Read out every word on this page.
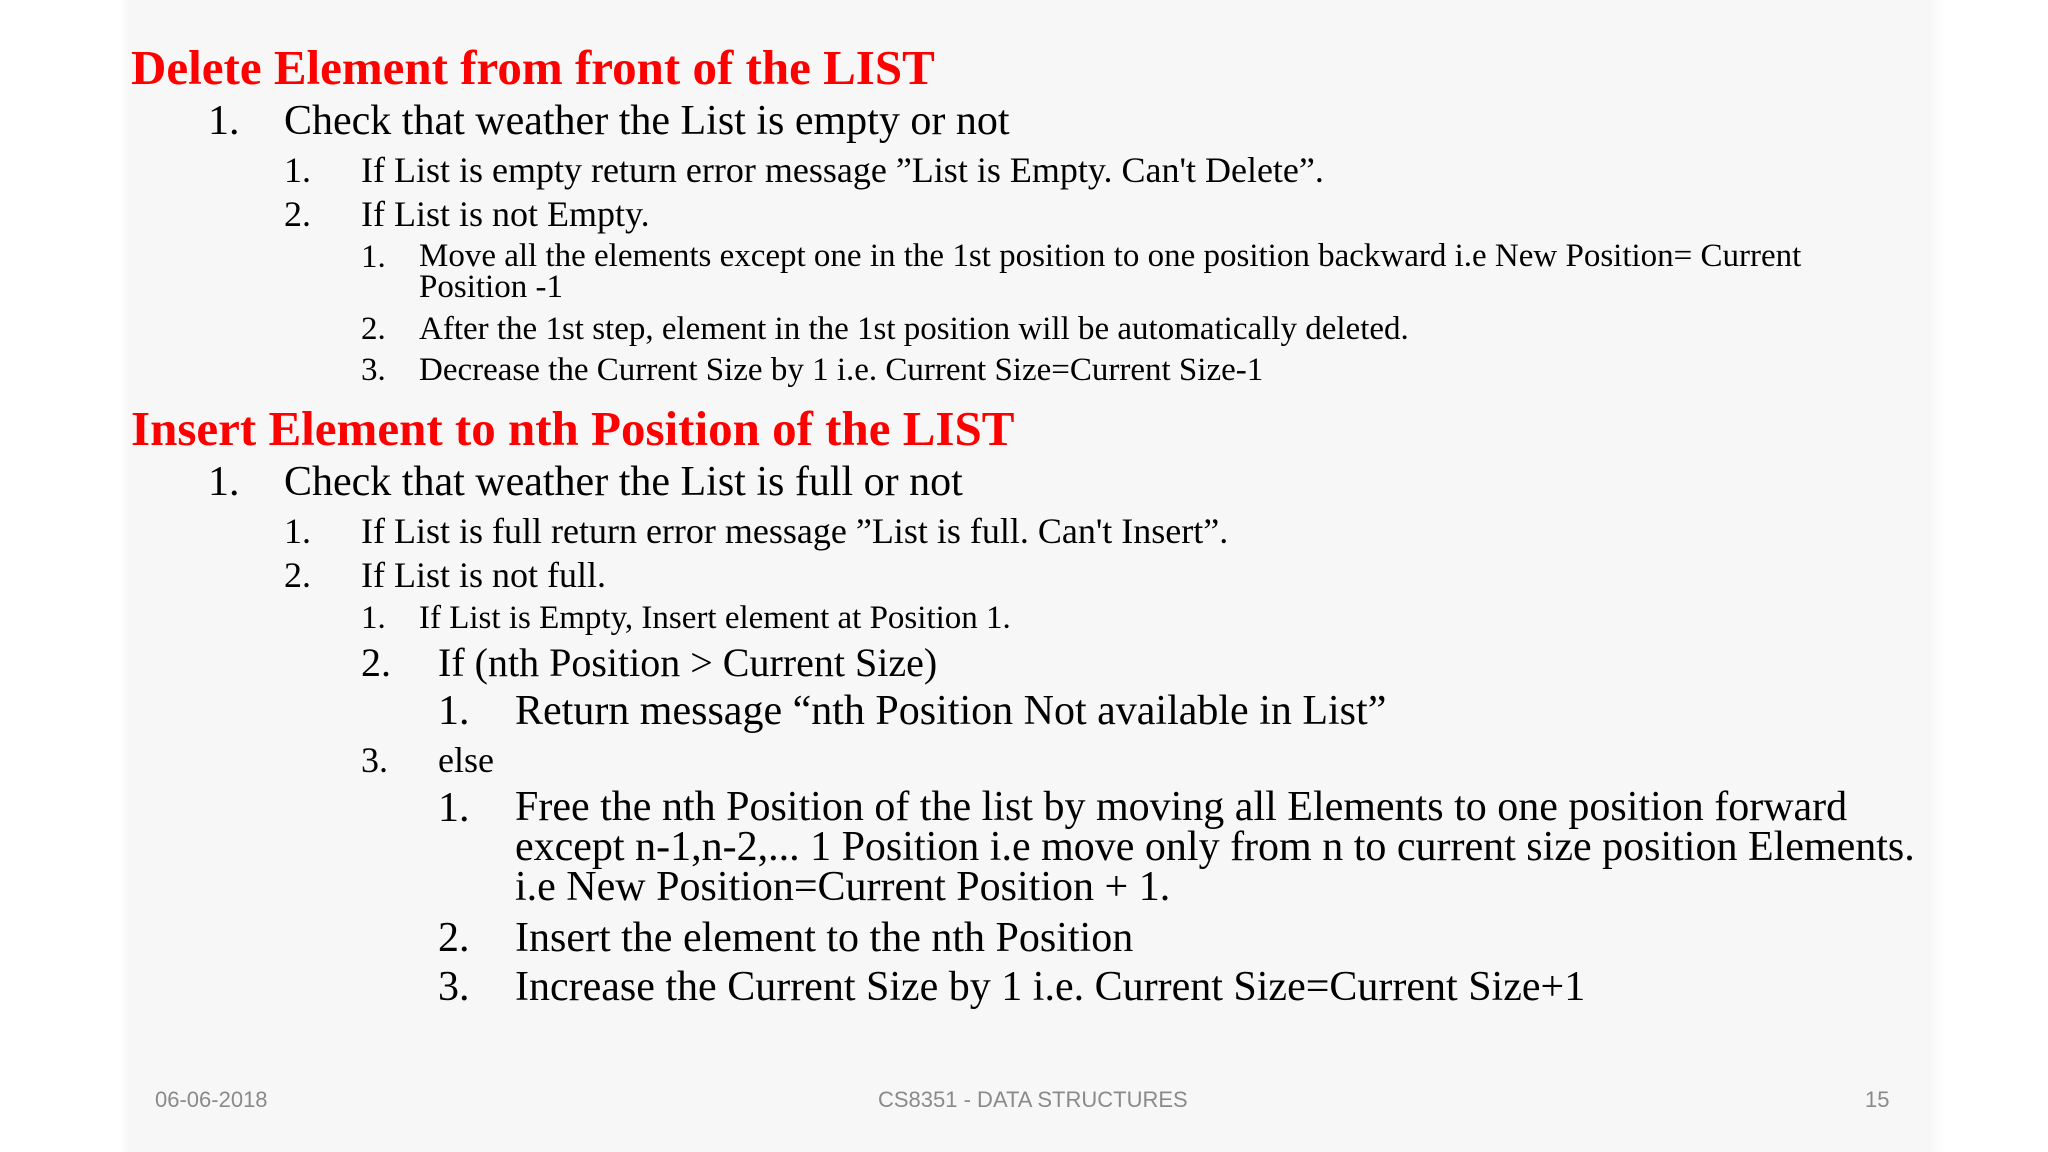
Delete Element from front of the LIST
1. Check that weather the List is empty or not
1. If List is empty return error message ”List is Empty. Can't Delete”.
2. If List is not Empty.
1. Move all the elements except one in the 1st position to one position backward i.e New Position= Current Position -1
2. After the 1st step, element in the 1st position will be automatically deleted.
3. Decrease the Current Size by 1 i.e. Current Size=Current Size-1
Insert Element to nth Position of the LIST
1. Check that weather the List is full or not
1. If List is full return error message ”List is full. Can't Insert”.
2. If List is not full.
1. If List is Empty, Insert element at Position 1.
2. If (nth Position > Current Size)
1. Return message “nth Position Not available in List”
3. else
1. Free the nth Position of the list by moving all Elements to one position forward except n-1,n-2,... 1 Position i.e move only from n to current size position Elements. i.e New Position=Current Position + 1.
2. Insert the element to the nth Position
3. Increase the Current Size by 1 i.e. Current Size=Current Size+1
06-06-2018	CS8351 - DATA STRUCTURES	15
